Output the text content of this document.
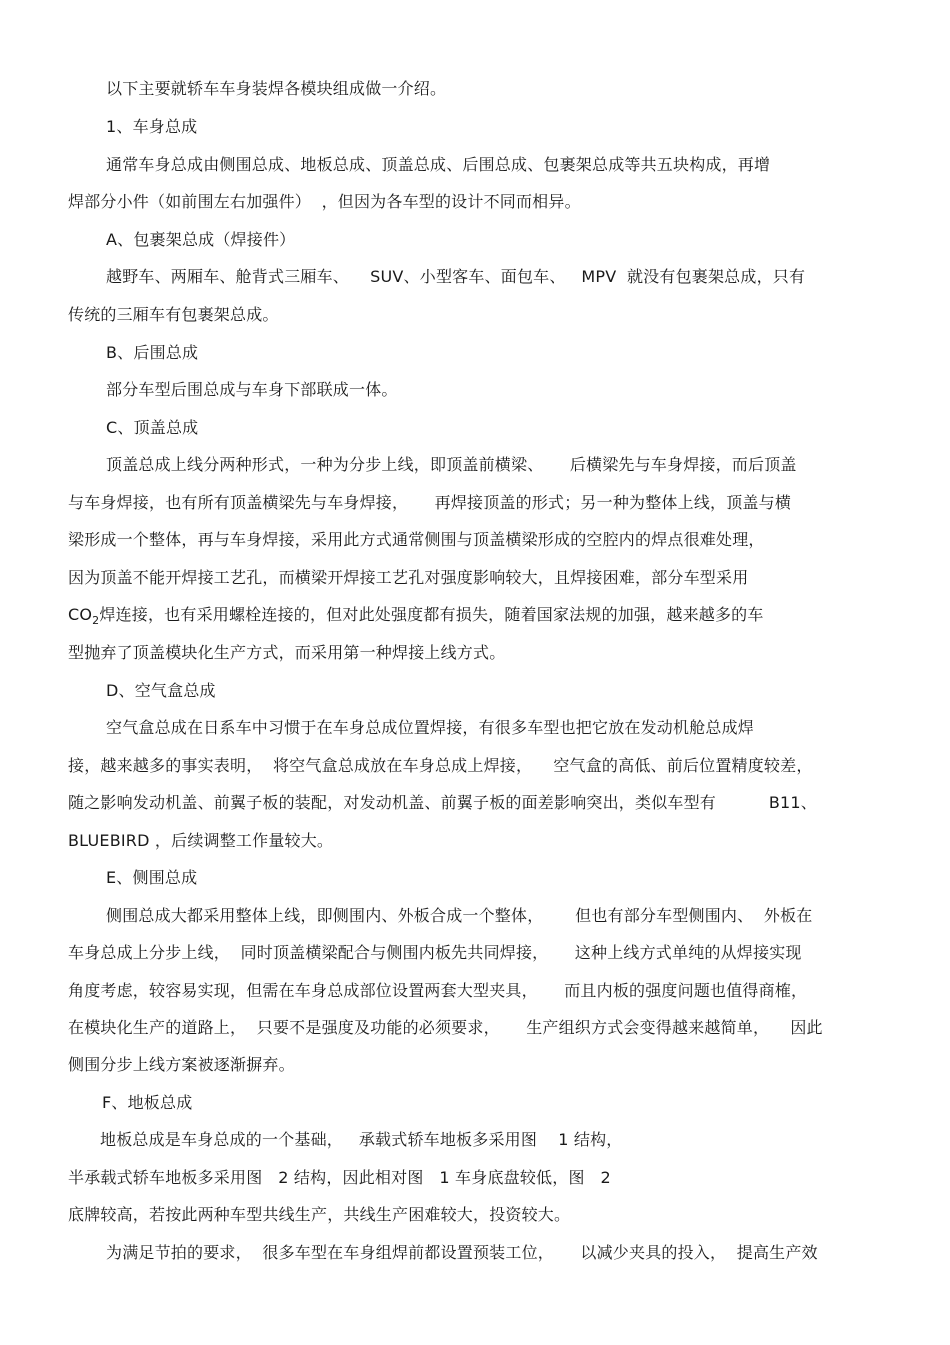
以下主要就轿车车身装焊各模块组成做一介绍。
1、车身总成
通常车身总成由侧围总成、地板总成、顶盖总成、后围总成、包裹架总成等共五块构成，再增
焊部分小件（如前围左右加强件）  ，但因为各车型的设计不同而相异。
A、包裹架总成（焊接件）
越野车、两厢车、舱背式三厢车、    SUV、小型客车、面包车、   MPV  就没有包裹架总成，只有
传统的三厢车有包裹架总成。
B、后围总成
部分车型后围总成与车身下部联成一体。
C、顶盖总成
顶盖总成上线分两种形式，一种为分步上线，即顶盖前横梁、     后横梁先与车身焊接，而后顶盖
与车身焊接，也有所有顶盖横梁先与车身焊接，     再焊接顶盖的形式；另一种为整体上线，顶盖与横
梁形成一个整体，再与车身焊接，采用此方式通常侧围与顶盖横梁形成的空腔内的焊点很难处理，
因为顶盖不能开焊接工艺孔，而横梁开焊接工艺孔对强度影响较大，且焊接困难，部分车型采用
$CO_2$焊连接，也有采用螺栓连接的，但对此处强度都有损失，随着国家法规的加强，越来越多的车
型抛弃了顶盖模块化生产方式，而采用第一种焊接上线方式。
D、空气盒总成
空气盒总成在日系车中习惯于在车身总成位置焊接，有很多车型也把它放在发动机舱总成焊
接，越来越多的事实表明，  将空气盒总成放在车身总成上焊接，    空气盒的高低、前后位置精度较差，
随之影响发动机盖、前翼子板的装配，对发动机盖、前翼子板的面差影响突出，类似车型有          B11、
BLUEBIRD ，后续调整工作量较大。
E、侧围总成
侧围总成大都采用整体上线，即侧围内、外板合成一个整体，      但也有部分车型侧围内、  外板在
车身总成上分步上线，  同时顶盖横梁配合与侧围内板先共同焊接，     这种上线方式单纯的从焊接实现
角度考虑，较容易实现，但需在车身总成部位设置两套大型夹具，     而且内板的强度问题也值得商榷，
在模块化生产的道路上，  只要不是强度及功能的必须要求，     生产组织方式会变得越来越简单，    因此
侧围分步上线方案被逐渐摒弃。
F、地板总成
地板总成是车身总成的一个基础，   承载式轿车地板多采用图    1 结构，
半承载式轿车地板多采用图   2 结构，因此相对图   1 车身底盘较低，图   2
底牌较高，若按此两种车型共线生产，共线生产困难较大，投资较大。
为满足节拍的要求，  很多车型在车身组焊前都设置预装工位，     以减少夹具的投入，  提高生产效
